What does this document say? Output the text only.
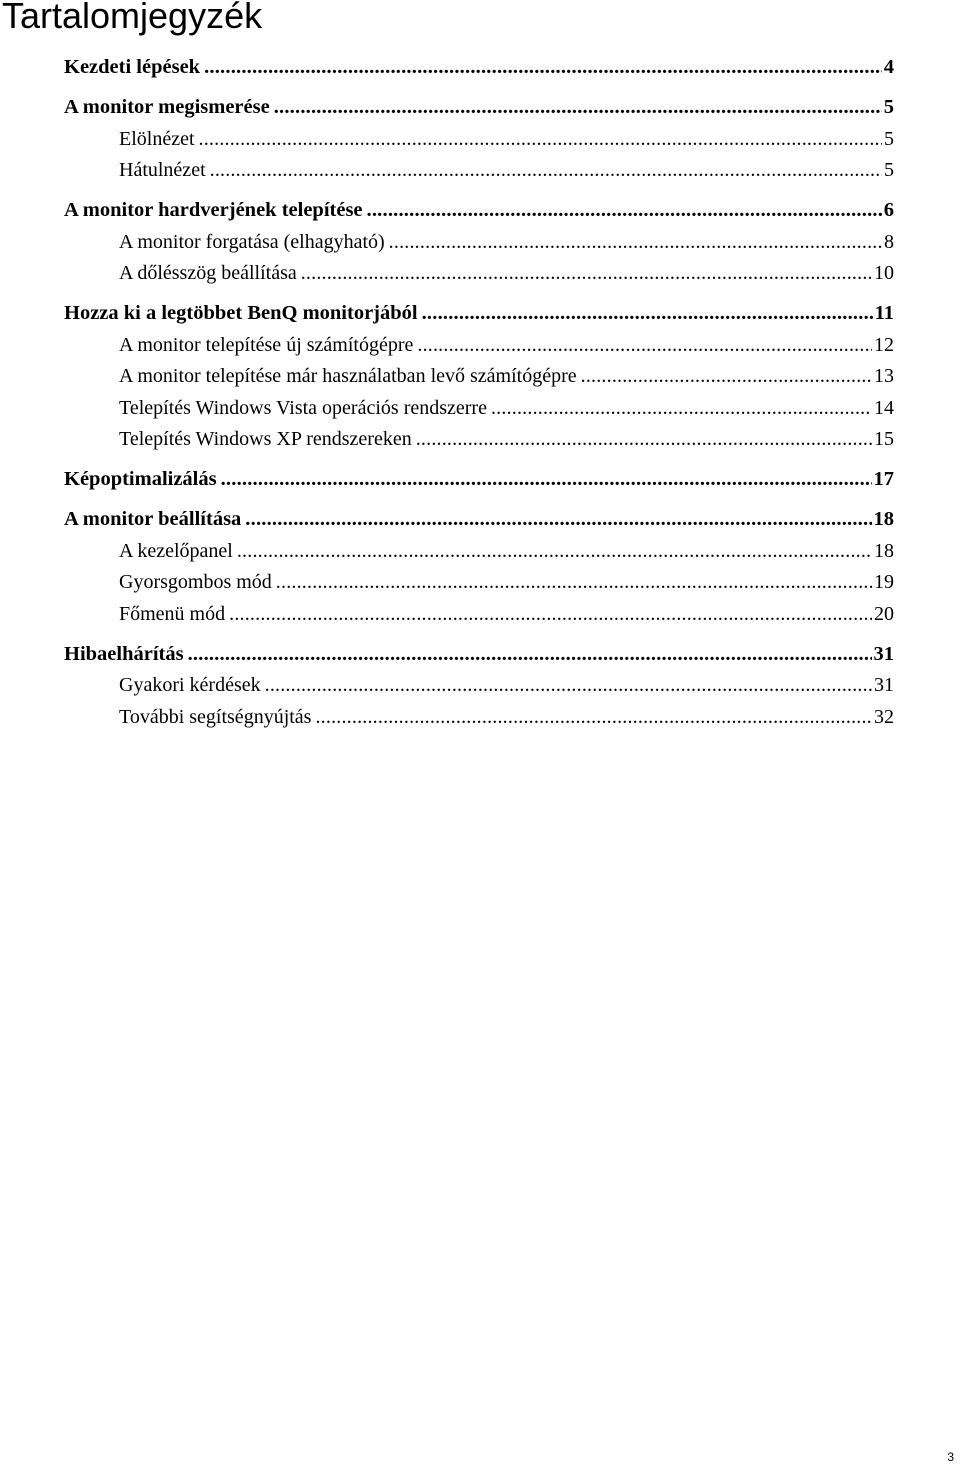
Tartalomjegyzék
Kezdeti lépések .....	4
A monitor megismerése .....	5
Elölnézet .....	5
Hátulnézet .....	5
A monitor hardverjének telepítése .....	6
A monitor forgatása (elhagyható) .....	8
A dőlésszög beállítása .....	10
Hozza ki a legtöbbet BenQ monitorjából .....	11
A monitor telepítése új számítógépre .....	12
A monitor telepítése már használatban levő számítógépre .....	13
Telepítés Windows Vista operációs rendszerre .....	14
Telepítés Windows XP rendszereken .....	15
Képoptimalizálás .....	17
A monitor beállítása .....	18
A kezelőpanel .....	18
Gyorsgombos mód .....	19
Főmenü mód .....	20
Hibaelhárítás .....	31
Gyakori kérdések .....	31
További segítségnyújtás .....	32
3
